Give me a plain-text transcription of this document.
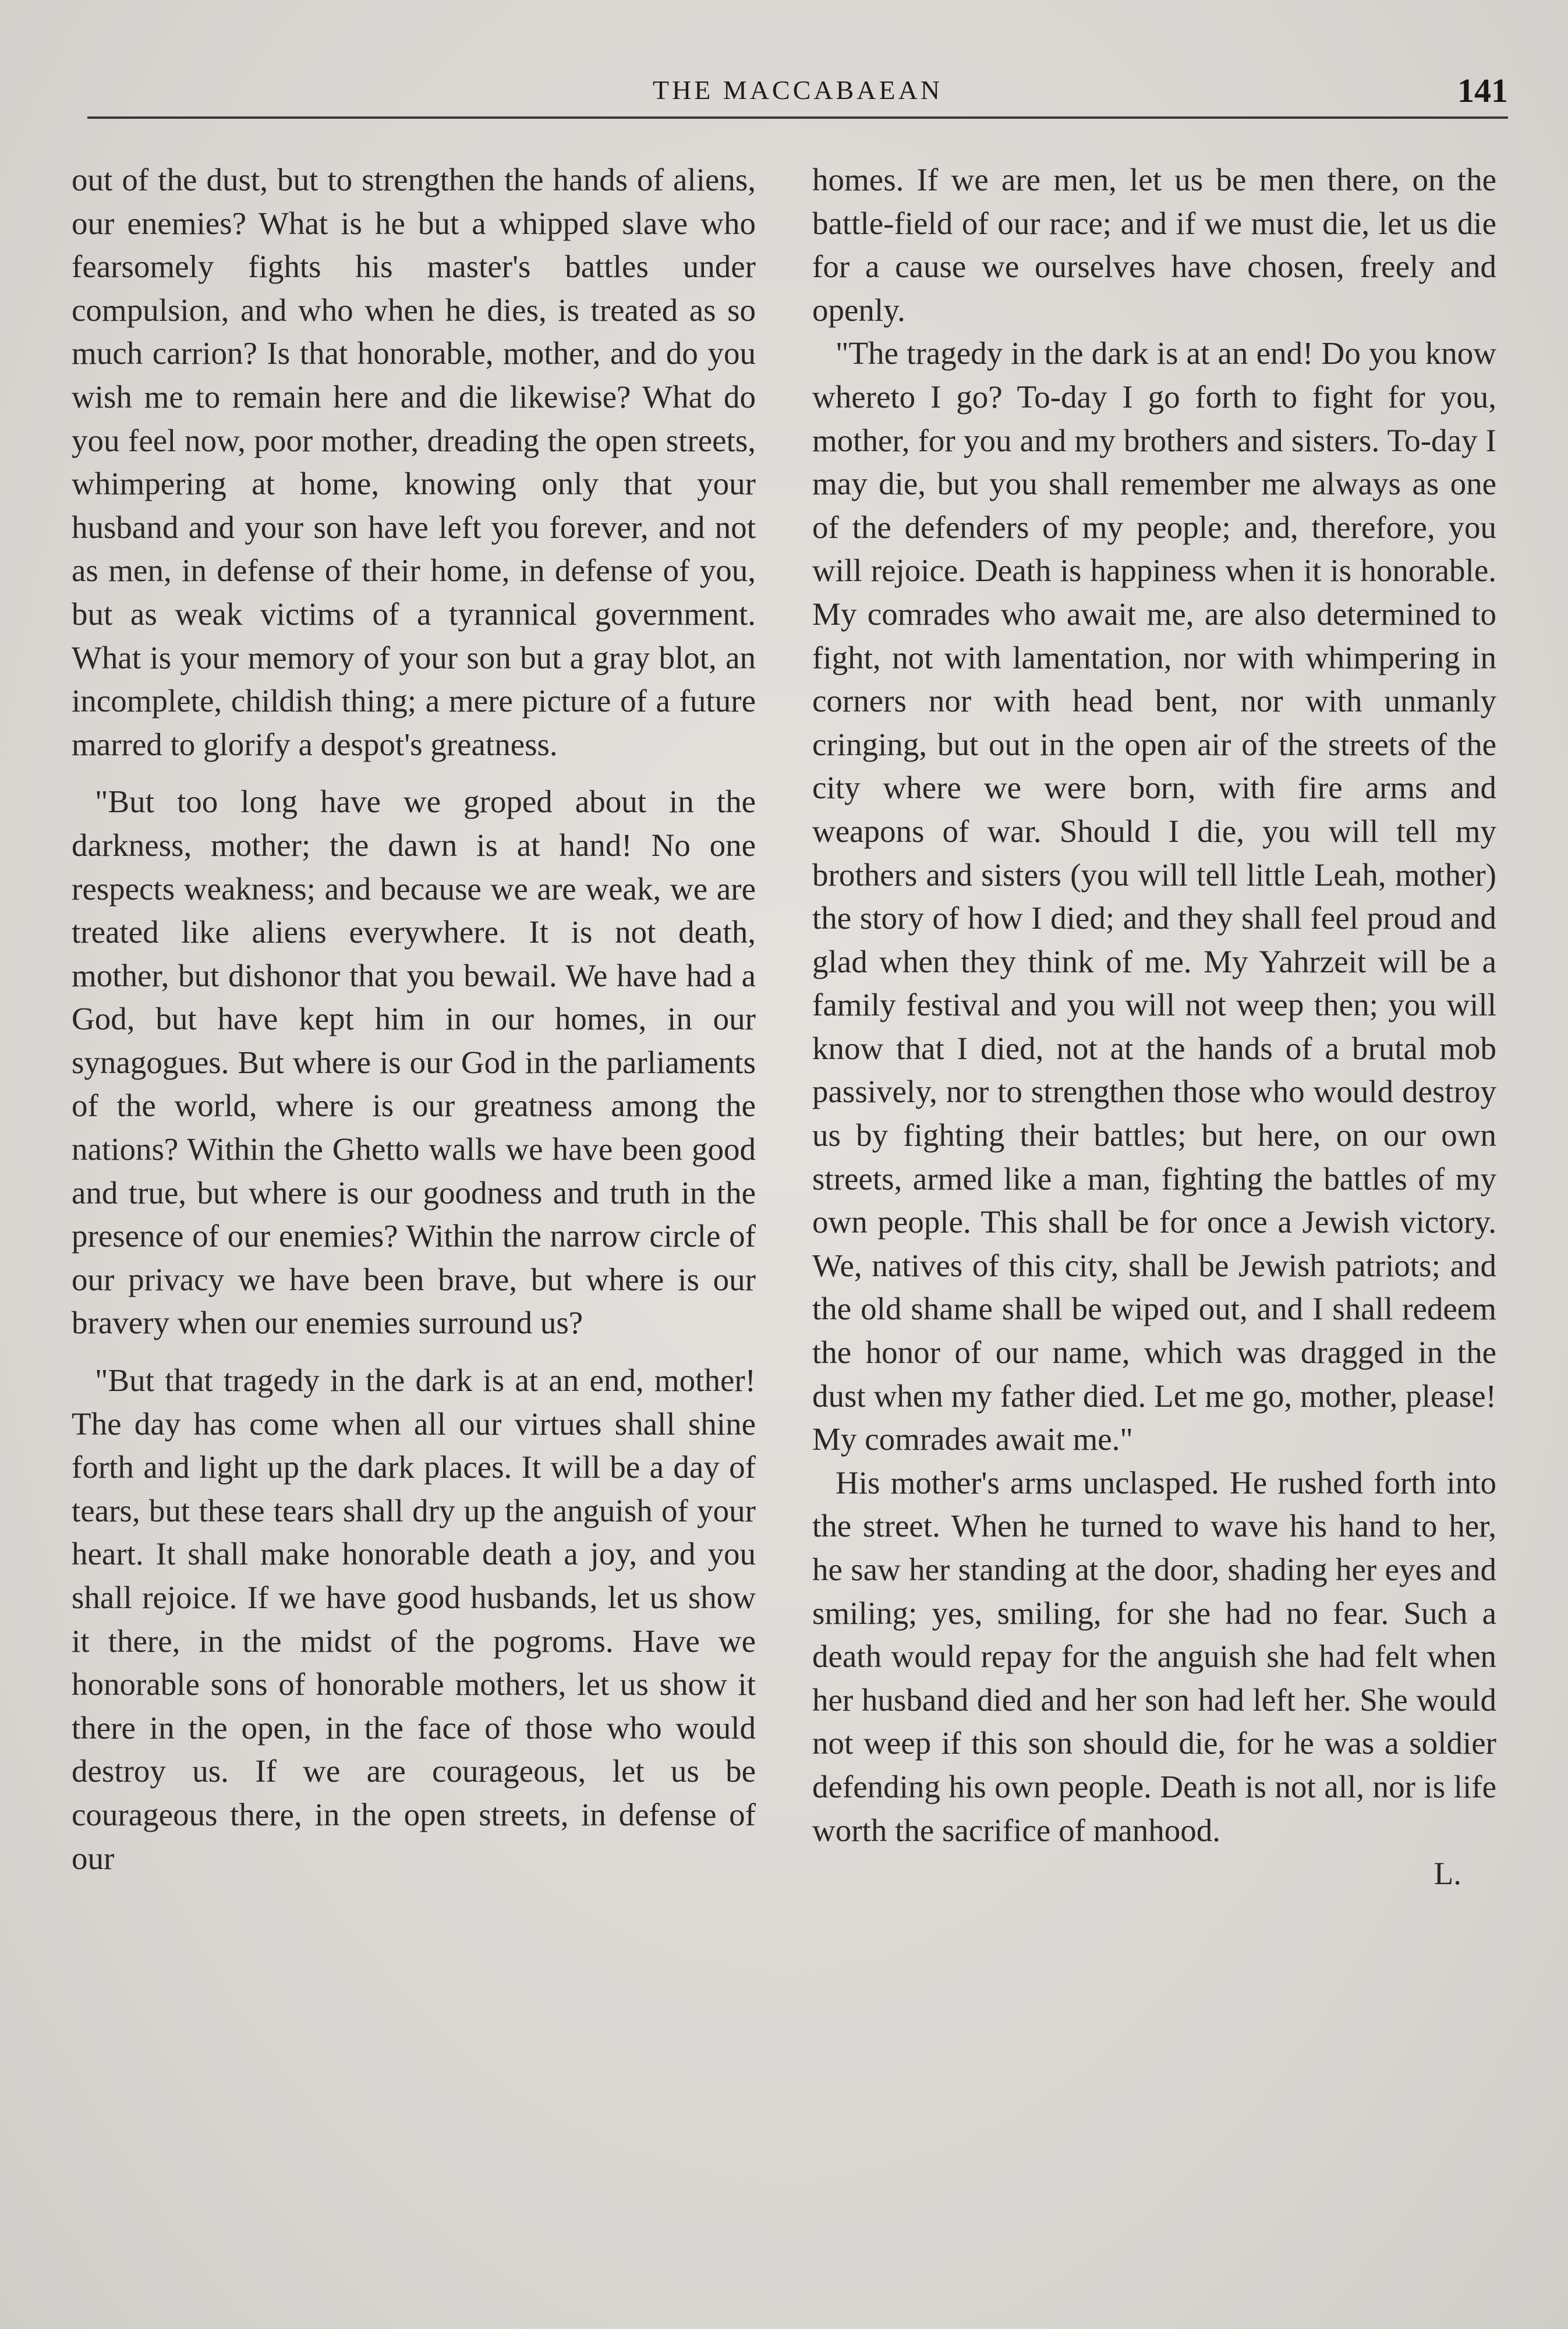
THE MACCABAEAN	141

out of the dust, but to strengthen the hands of aliens, our enemies? What is he but a whipped slave who fearsomely fights his master's battles under compulsion, and who when he dies, is treated as so much carrion? Is that honorable, mother, and do you wish me to remain here and die likewise? What do you feel now, poor mother, dreading the open streets, whimpering at home, knowing only that your husband and your son have left you forever, and not as men, in defense of their home, in defense of you, but as weak victims of a tyrannical government. What is your memory of your son but a gray blot, an incomplete, childish thing; a mere picture of a future marred to glorify a despot's greatness.

"But too long have we groped about in the darkness, mother; the dawn is at hand! No one respects weakness; and because we are weak, we are treated like aliens everywhere. It is not death, mother, but dishonor that you bewail. We have had a God, but have kept him in our homes, in our synagogues. But where is our God in the parliaments of the world, where is our greatness among the nations? Within the Ghetto walls we have been good and true, but where is our goodness and truth in the presence of our enemies? Within the narrow circle of our privacy we have been brave, but where is our bravery when our enemies surround us?

"But that tragedy in the dark is at an end, mother! The day has come when all our virtues shall shine forth and light up the dark places. It will be a day of tears, but these tears shall dry up the anguish of your heart. It shall make honorable death a joy, and you shall rejoice. If we have good husbands, let us show it there, in the midst of the pogroms. Have we honorable sons of honorable mothers, let us show it there in the open, in the face of those who would destroy us. If we are courageous, let us be courageous there, in the open streets, in defense of our

homes. If we are men, let us be men there, on the battle-field of our race; and if we must die, let us die for a cause we ourselves have chosen, freely and openly.

"The tragedy in the dark is at an end! Do you know whereto I go? To-day I go forth to fight for you, mother, for you and my brothers and sisters. To-day I may die, but you shall remember me always as one of the defenders of my people; and, therefore, you will rejoice. Death is happiness when it is honorable. My comrades who await me, are also determined to fight, not with lamentation, nor with whimpering in corners nor with head bent, nor with unmanly cringing, but out in the open air of the streets of the city where we were born, with fire arms and weapons of war. Should I die, you will tell my brothers and sisters (you will tell little Leah, mother) the story of how I died; and they shall feel proud and glad when they think of me. My Yahrzeit will be a family festival and you will not weep then; you will know that I died, not at the hands of a brutal mob passively, nor to strengthen those who would destroy us by fighting their battles; but here, on our own streets, armed like a man, fighting the battles of my own people. This shall be for once a Jewish victory. We, natives of this city, shall be Jewish patriots; and the old shame shall be wiped out, and I shall redeem the honor of our name, which was dragged in the dust when my father died. Let me go, mother, please! My comrades await me."

His mother's arms unclasped. He rushed forth into the street. When he turned to wave his hand to her, he saw her standing at the door, shading her eyes and smiling; yes, smiling, for she had no fear. Such a death would repay for the anguish she had felt when her husband died and her son had left her. She would not weep if this son should die, for he was a soldier defending his own people. Death is not all, nor is life worth the sacrifice of manhood.

L.
